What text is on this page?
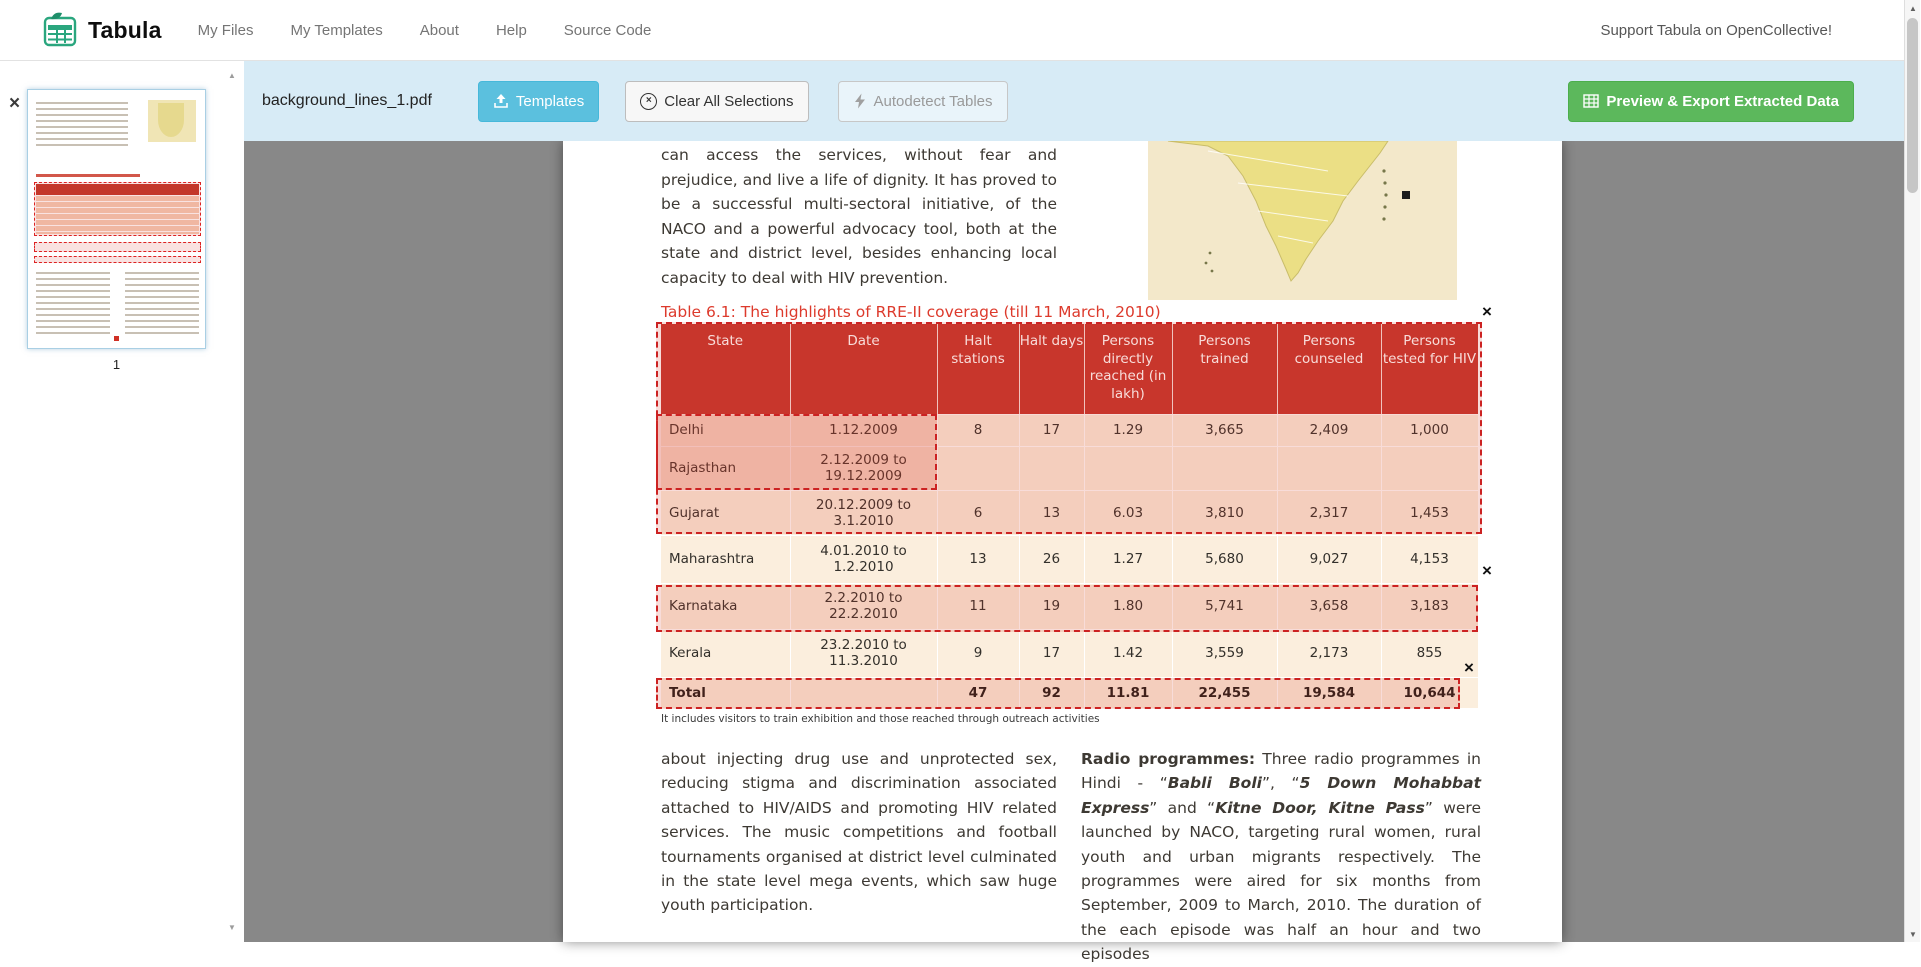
Tabula My Files My Templates About Help Source Code	Support Tabula on OpenCollective!
×
1
▲
▼
background_lines_1.pdf	Templates	× Clear All Selections	Autodetect Tables	Preview & Export Extracted Data

can access the services, without fear and prejudice, and live a life of dignity. It has proved to be a successful multi-sectoral initiative, of the NACO and a powerful advocacy tool, both at the state and district level, besides enhancing local capacity to deal with HIV prevention.

Table 6.1: The highlights of RRE-II coverage (till 11 March, 2010)
State	Date	Halt stations	Halt days	Persons directly reached (in lakh)	Persons trained	Persons counseled	Persons tested for HIV
Delhi	1.12.2009	8	17	1.29	3,665	2,409	1,000
Rajasthan	2.12.2009 to 19.12.2009						
Gujarat	20.12.2009 to 3.1.2010	6	13	6.03	3,810	2,317	1,453
Maharashtra	4.01.2010 to 1.2.2010	13	26	1.27	5,680	9,027	4,153
Karnataka	2.2.2010 to 22.2.2010	11	19	1.80	5,741	3,658	3,183
Kerala	23.2.2010 to 11.3.2010	9	17	1.42	3,559	2,173	855
Total		47	92	11.81	22,455	19,584	10,644
It includes visitors to train exhibition and those reached through outreach activities

about injecting drug use and unprotected sex, reducing stigma and discrimination associated attached to HIV/AIDS and promoting HIV related services. The music competitions and football tournaments organised at district level culminated in the state level mega events, which saw huge youth participation.

Radio programmes: Three radio programmes in Hindi - “Babli Boli”, “5 Down Mohabbat Express” and “Kitne Door, Kitne Pass” were launched by NACO, targeting rural women, rural youth and urban migrants respectively. The programmes were aired for six months from September, 2009 to March, 2010. The duration of the each episode was half an hour and two episodes

×
×
×
▲
▼
